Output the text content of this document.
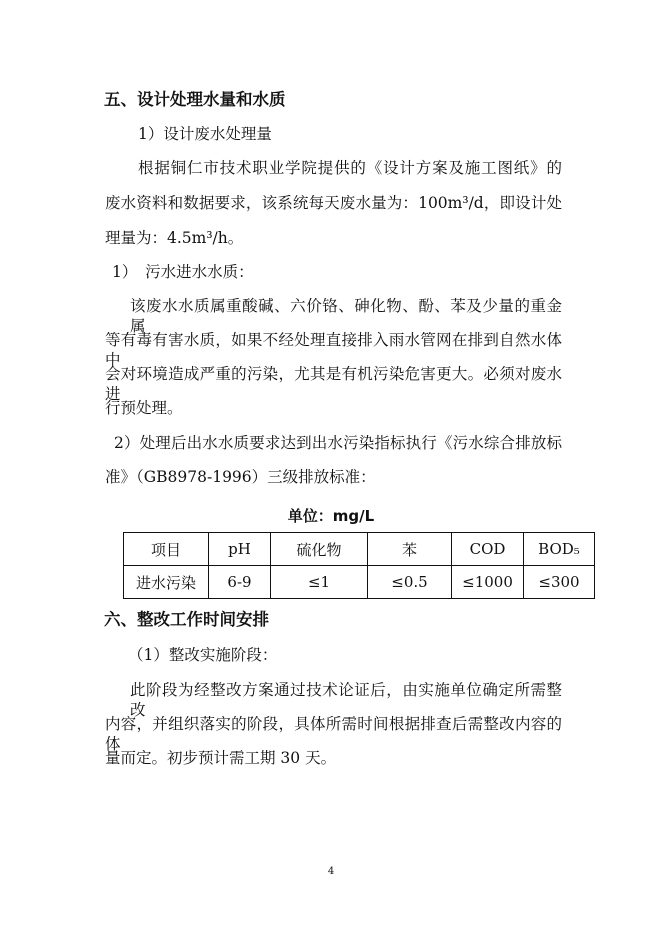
五、设计处理水量和水质
1）设计废水处理量
根据铜仁市技术职业学院提供的《设计方案及施工图纸》的
废水资料和数据要求，该系统每天废水量为：100m³/d，即设计处
理量为：4.5m³/h。
1）　污水进水水质：
该废水水质属重酸碱、六价铬、砷化物、酚、苯及少量的重金属
等有毒有害水质，如果不经处理直接排入雨水管网在排到自然水体中
会对环境造成严重的污染，尤其是有机污染危害更大。必须对废水进
行预处理。
2）处理后出水水质要求达到出水污染指标执行《污水综合排放标
准》（GB8978-1996）三级排放标准：
单位：mg/L
项目	pH	硫化物	苯	COD	BOD₅
进水污染	6-9	≤1	≤0.5	≤1000	≤300
六、整改工作时间安排
（1）整改实施阶段：
此阶段为经整改方案通过技术论证后，由实施单位确定所需整改
内容，并组织落实的阶段，具体所需时间根据排查后需整改内容的体
量而定。初步预计需工期 30 天。
4
